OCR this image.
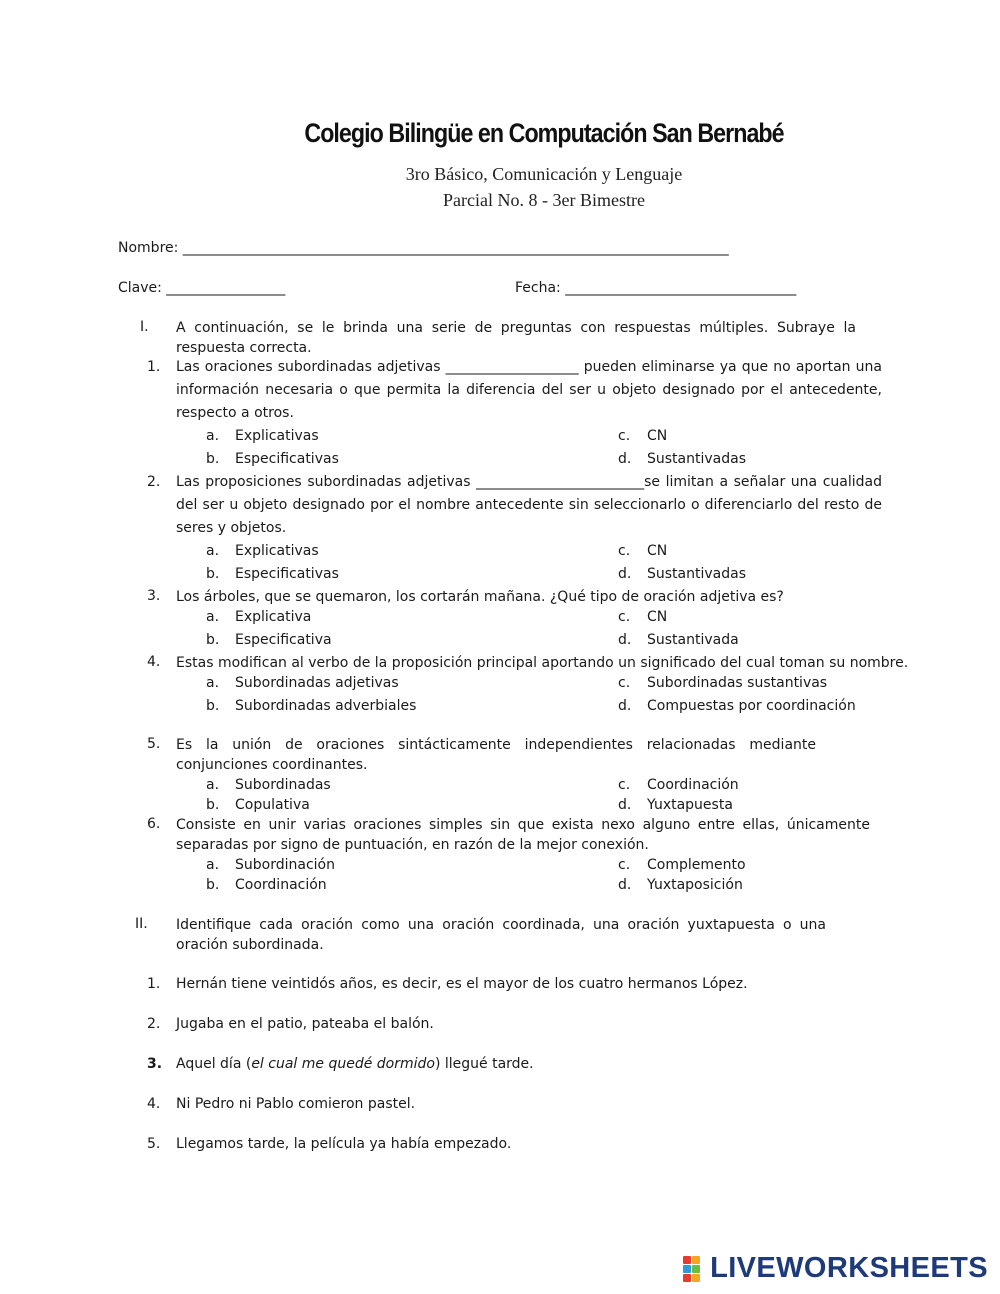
Colegio Bilingüe en Computación San Bernabé
3ro Básico, Comunicación y Lenguaje
Parcial No. 8 - 3er Bimestre
Nombre: ______________________________________________________________________________
Clave: _________________	Fecha: _________________________________
I. A continuación, se le brinda una serie de preguntas con respuestas múltiples. Subraye la respuesta correcta.
1. Las oraciones subordinadas adjetivas ___________________ pueden eliminarse ya que no aportan una información necesaria o que permita la diferencia del ser u objeto designado por el antecedente, respecto a otros.
a. Explicativas
b. Especificativas
c. CN
d. Sustantivadas
2. Las proposiciones subordinadas adjetivas ________________________se limitan a señalar una cualidad del ser u objeto designado por el nombre antecedente sin seleccionarlo o diferenciarlo del resto de seres y objetos.
a. Explicativas
b. Especificativas
c. CN
d. Sustantivadas
3. Los árboles, que se quemaron, los cortarán mañana. ¿Qué tipo de oración adjetiva es?
a. Explicativa
b. Especificativa
c. CN
d. Sustantivada
4. Estas modifican al verbo de la proposición principal aportando un significado del cual toman su nombre.
a. Subordinadas adjetivas
b. Subordinadas adverbiales
c. Subordinadas sustantivas
d. Compuestas por coordinación
5. Es la unión de oraciones sintácticamente independientes relacionadas mediante conjunciones coordinantes.
a. Subordinadas
b. Copulativa
c. Coordinación
d. Yuxtapuesta
6. Consiste en unir varias oraciones simples sin que exista nexo alguno entre ellas, únicamente separadas por signo de puntuación, en razón de la mejor conexión.
a. Subordinación
b. Coordinación
c. Complemento
d. Yuxtaposición
II. Identifique cada oración como una oración coordinada, una oración yuxtapuesta o una oración subordinada.
1. Hernán tiene veintidós años, es decir, es el mayor de los cuatro hermanos López.
2. Jugaba en el patio, pateaba el balón.
3. Aquel día (el cual me quedé dormido) llegué tarde.
4. Ni Pedro ni Pablo comieron pastel.
5. Llegamos tarde, la película ya había empezado.
LIVEWORKSHEETS
